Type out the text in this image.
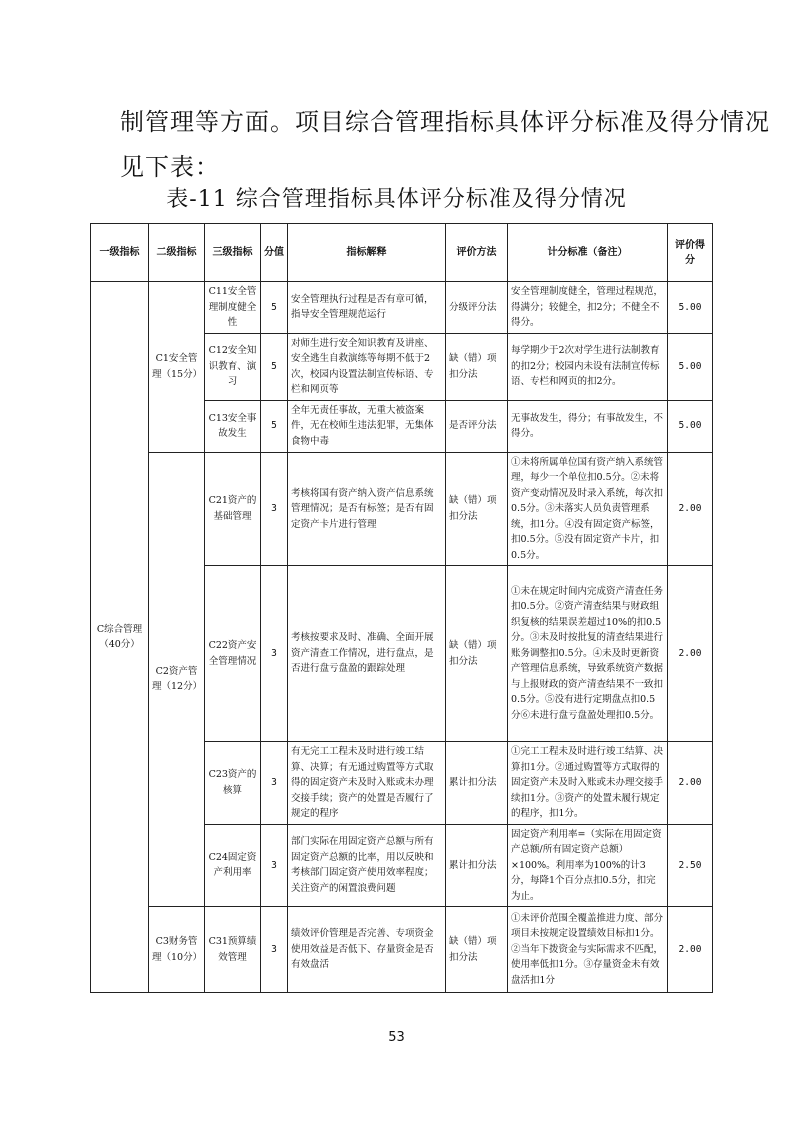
制管理等方面。项目综合管理指标具体评分标准及得分情况
见下表：
表-11 综合管理指标具体评分标准及得分情况
一级指标	二级指标	三级指标	分值	指标解释	评价方法	计分标准（备注）	评价得分
C综合管理（40分）	C1安全管理（15分）	C11安全管理制度健全性	5	安全管理执行过程是否有章可循，指导安全管理规范运行	分级评分法	安全管理制度健全，管理过程规范，得满分；较健全，扣2分；不健全不得分。	5.00
		C12安全知识教育、演习	5	对师生进行安全知识教育及讲座、安全逃生自救演练等每期不低于2次，校园内设置法制宣传标语、专栏和网页等	缺（错）项扣分法	每学期少于2次对学生进行法制教育的扣2分；校园内未设有法制宣传标语、专栏和网页的扣2分。	5.00
		C13安全事故发生	5	全年无责任事故，无重大被盗案件，无在校师生违法犯罪，无集体食物中毒	是否评分法	无事故发生，得分；有事故发生，不得分。	5.00
	C2资产管理（12分）	C21资产的基础管理	3	考核将国有资产纳入资产信息系统管理情况；是否有标签；是否有固定资产卡片进行管理	缺（错）项扣分法	①未将所属单位国有资产纳入系统管理，每少一个单位扣0.5分。②未将资产变动情况及时录入系统，每次扣0.5分。③未落实人员负责管理系统，扣1分。④没有固定资产标签，扣0.5分。⑤没有固定资产卡片，扣0.5分。	2.00
		C22资产安全管理情况	3	考核按要求及时、准确、全面开展资产清查工作情况，进行盘点，是否进行盘亏盘盈的跟踪处理	缺（错）项扣分法	①未在规定时间内完成资产清查任务扣0.5分。②资产清查结果与财政组织复核的结果误差超过10%的扣0.5分。③未及时按批复的清查结果进行账务调整扣0.5分。④未及时更新资产管理信息系统，导致系统资产数据与上报财政的资产清查结果不一致扣0.5分。⑤没有进行定期盘点扣0.5分⑥未进行盘亏盘盈处理扣0.5分。	2.00
		C23资产的核算	3	有无完工工程未及时进行竣工结算、决算；有无通过购置等方式取得的固定资产未及时入账或未办理交接手续；资产的处置是否履行了规定的程序	累计扣分法	①完工工程未及时进行竣工结算、决算扣1分。②通过购置等方式取得的固定资产未及时入账或未办理交接手续扣1分。③资产的处置未履行规定的程序，扣1分。	2.00
		C24固定资产利用率	3	部门实际在用固定资产总额与所有固定资产总额的比率，用以反映和考核部门固定资产使用效率程度；关注资产的闲置浪费问题	累计扣分法	固定资产利用率=（实际在用固定资产总额/所有固定资产总额）×100%。利用率为100%的计3分，每降1个百分点扣0.5分，扣完为止。	2.50
	C3财务管理（10分）	C31预算绩效管理	3	绩效评价管理是否完善、专项资金使用效益是否低下、存量资金是否有效盘活	缺（错）项扣分法	①未评价范围全覆盖推进力度、部分项目未按规定设置绩效目标扣1分。②当年下拨资金与实际需求不匹配，使用率低扣1分。③存量资金未有效盘活扣1分	2.00
53
